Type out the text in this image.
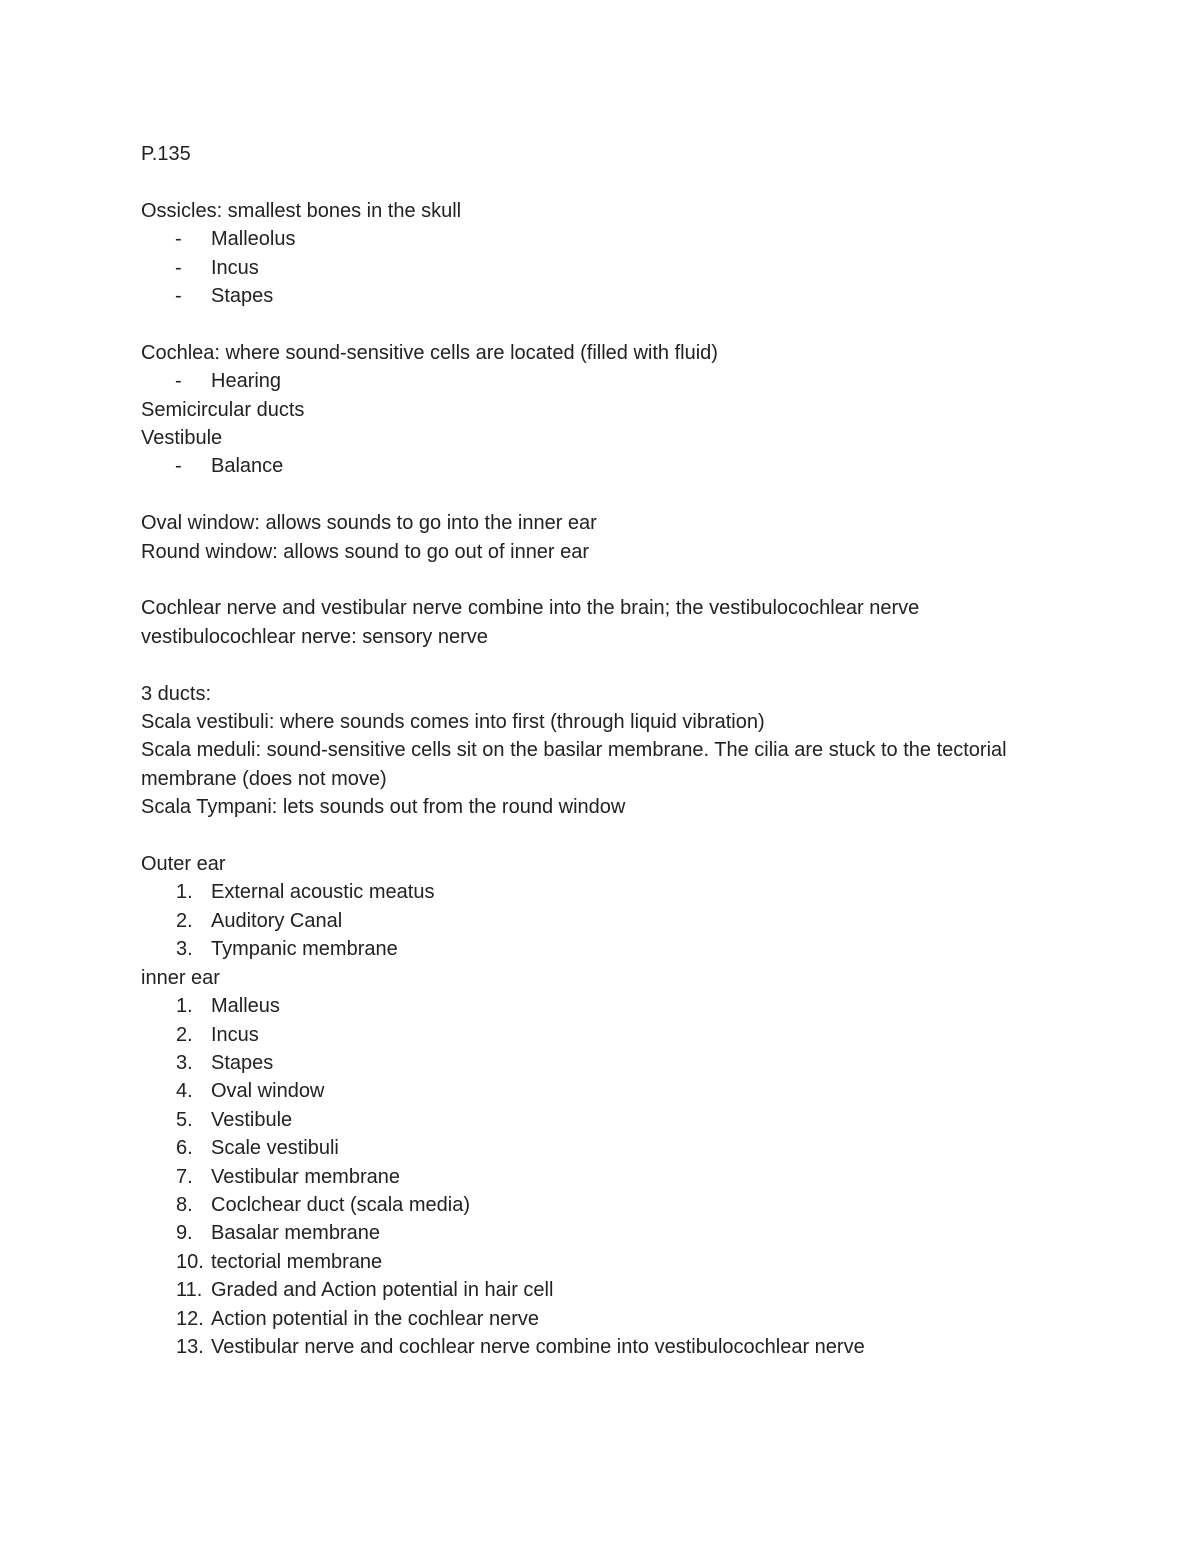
P.135
Ossicles: smallest bones in the skull
-	Malleolus
-	Incus
-	Stapes
Cochlea: where sound-sensitive cells are located (filled with fluid)
-	Hearing
Semicircular ducts
Vestibule
-	Balance
Oval window: allows sounds to go into the inner ear
Round window: allows sound to go out of inner ear
Cochlear nerve and vestibular nerve combine into the brain; the vestibulocochlear nerve
vestibulocochlear nerve: sensory nerve
3 ducts:
Scala vestibuli: where sounds comes into first (through liquid vibration)
Scala meduli: sound-sensitive cells sit on the basilar membrane. The cilia are stuck to the tectorial membrane (does not move)
Scala Tympani: lets sounds out from the round window
Outer ear
1. External acoustic meatus
2. Auditory Canal
3. Tympanic membrane
inner ear
1. Malleus
2. Incus
3. Stapes
4. Oval window
5. Vestibule
6. Scale vestibuli
7. Vestibular membrane
8. Coclchear duct (scala media)
9. Basalar membrane
10. tectorial membrane
11. Graded and Action potential in hair cell
12. Action potential in the cochlear nerve
13. Vestibular nerve and cochlear nerve combine into vestibulocochlear nerve
